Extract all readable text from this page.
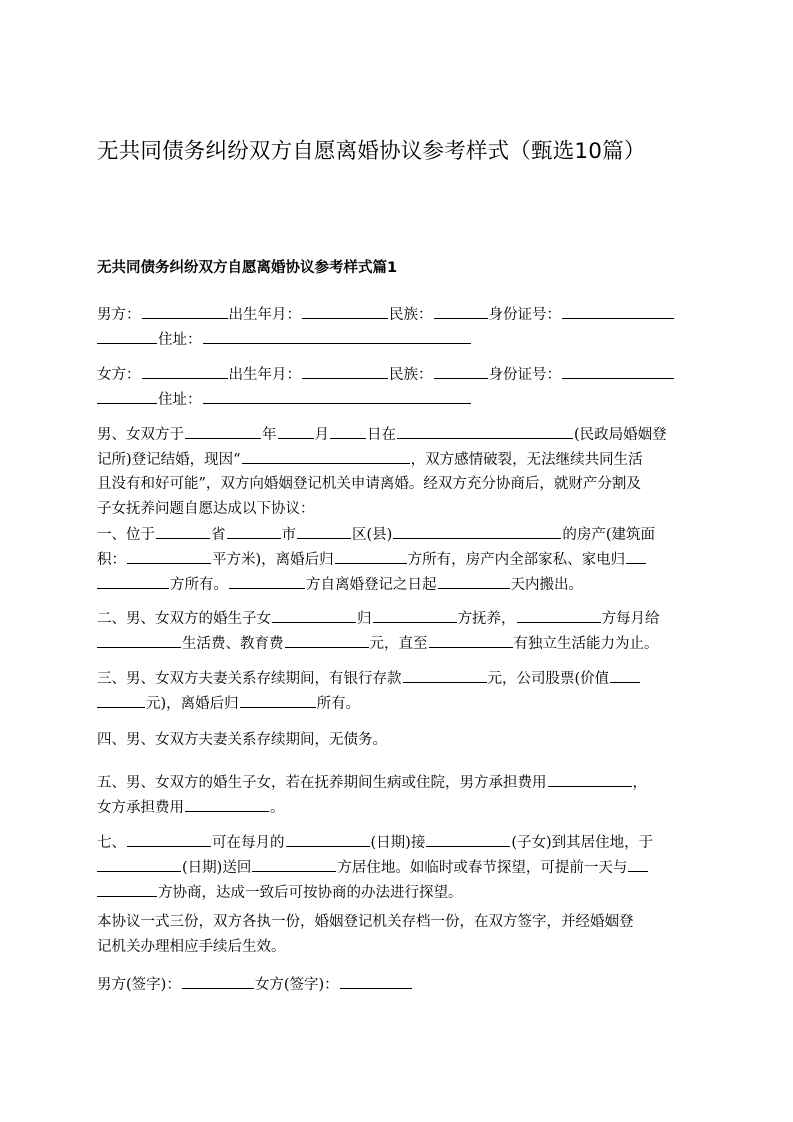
无共同债务纠纷双方自愿离婚协议参考样式（甄选10篇）
无共同债务纠纷双方自愿离婚协议参考样式篇1
男方：	出生年月：	民族：	身份证号：
住址：
女方：	出生年月：	民族：	身份证号：
住址：
男、女双方于	年	月	日在	(民政局婚姻登
记所)登记结婚，现因“	，双方感情破裂，无法继续共同生活
且没有和好可能”，双方向婚姻登记机关申请离婚。经双方充分协商后，就财产分割及
子女抚养问题自愿达成以下协议：
一、位于	省	市	区(县)	的房产(建筑面
积：	平方米)，离婚后归	方所有，房产内全部家私、家电归
方所有。	方自离婚登记之日起	天内搬出。
二、男、女双方的婚生子女	归	方抚养，	方每月给
生活费、教育费	元，直至	有独立生活能力为止。
三、男、女双方夫妻关系存续期间，有银行存款	元，公司股票(价值
元)，离婚后归	所有。
四、男、女双方夫妻关系存续期间，无债务。
五、男、女双方的婚生子女，若在抚养期间生病或住院，男方承担费用	，
女方承担费用	。
七、	可在每月的	(日期)接	(子女)到其居住地，于
(日期)送回	方居住地。如临时或春节探望，可提前一天与
方协商，达成一致后可按协商的办法进行探望。
本协议一式三份，双方各执一份，婚姻登记机关存档一份，在双方签字，并经婚姻登
记机关办理相应手续后生效。
男方(签字)：	女方(签字)：
